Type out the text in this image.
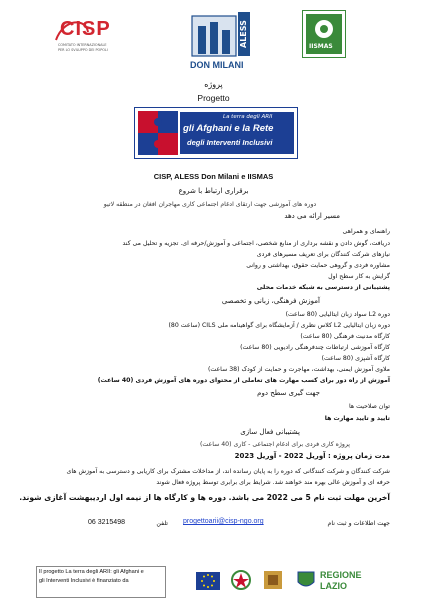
CISP
COMITATO INTERNAZIONALE
PER LO SVILUPPO DEI POPOLI
ALESS
DON MILANI
IISMAS
پروژه
Progetto
La terra degli ARII
gli Afghani e la Rete
degli Interventi Inclusivi
CISP, ALESS Don Milani e IISMAS
برقراری ارتباط با شروع
دوره های آموزشی جهت ارتقای ادغام اجتماعی کاری مهاجران افغان در منطقه لاتیو
مسیر ارائه می دهد
راهنمای و همراهی
دریافت، گوش دادن و نقشه برداری از منابع شخصی، اجتماعی و آموزش/حرفه ای. تجزیه و تحلیل می کند
نیازهای شرکت کنندگان برای تعریف مسیرهای فردی
مشاوره فردی و گروهی حمایت حقوق، بهداشتی و روانی
گرایش به کار سطح اول
پشتیبانی از دسترسی به شبکه خدمات محلی
آموزش فرهنگی، زبانی و تخصصی
دوره L2 سواد زبان ایتالیایی (80 ساعت)
دوره زبان ایتالیایی L2 کلاس نظری / آزمایشگاه برای گواهینامه ملی CILS (ساعت 80)
کارگاه مدنیت فرهنگی (80 ساعت)
کارگاه آموزشی ارتباطات چندفرهنگی رادیویی (80 ساعت)
کارگاه آشپزی (80 ساعت)
ملاوی آموزش ایمنی، بهداشت، مهاجرت و حمایت از کودک (38 ساعت)
آموزش از راه دور برای کسب مهارت های تعاملی از محتوای دوره های آموزش فردی (40 ساعت)
جهت گیری سطح دوم
توان صلاحیت ها
تایید و تایید مهارت ها
پشتیبانی فعال سازی
پروژه کاری فردی برای ادغام اجتماعی - کاری (40 ساعت)
مدت زمان پروژه : آوریل 2022 - آوریل 2023
شرکت کنندگان و شرکت کنندگانی که دوره را به پایان رسانده اند، از مداخلات مشترک برای کاریابی و دسترسی به آموزش های
حرفه ای و آموزش عالی بهره مند خواهند شد. شرایط برای برابری توسط پروژه فعال شوند
آخرین مهلت ثبت نام 5 می 2022 می باشد. دوره ها و کارگاه ها از نیمه اول اردیبهشت آغازی شوند.
جهت اطلاعات و ثبت نام
progettoarii@cisp-ngo.org
تلفن
06 3215498
Il progetto La terra degli ARII: gli Afghani e
gli Interventi Inclusivi è finanziato da
REGIONE
LAZIO
